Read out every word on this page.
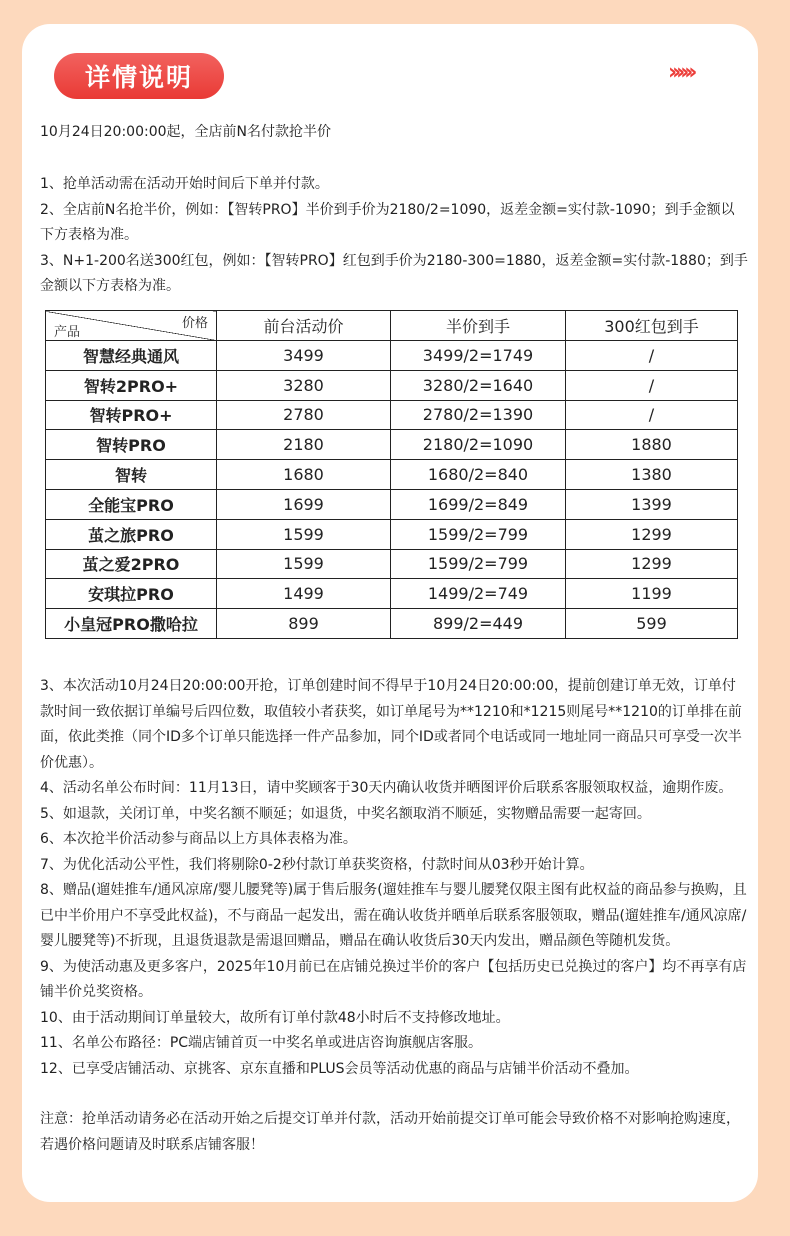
详情说明	››››››
10月24日20:00:00起，全店前N名付款抢半价

1、抢单活动需在活动开始时间后下单并付款。

2、全店前N名抢半价，例如：【智转PRO】半价到手价为2180/2=1090，返差金额=实付款-1090；到手金额以下方表格为准。

3、N+1-200名送300红包，例如：【智转PRO】红包到手价为2180-300=1880，返差金额=实付款-1880；到手金额以下方表格为准。

价格
产品	前台活动价	半价到手	300红包到手
智慧经典通风	3499	3499/2=1749	/
智转2PRO+	3280	3280/2=1640	/
智转PRO+	2780	2780/2=1390	/
智转PRO	2180	2180/2=1090	1880
智转	1680	1680/2=840	1380
全能宝PRO	1699	1699/2=849	1399
茧之旅PRO	1599	1599/2=799	1299
茧之爱2PRO	1599	1599/2=799	1299
安琪拉PRO	1499	1499/2=749	1199
小皇冠PRO撒哈拉	899	899/2=449	599

3、本次活动10月24日20:00:00开抢，订单创建时间不得早于10月24日20:00:00，提前创建订单无效，订单付款时间一致依据订单编号后四位数，取值较小者获奖，如订单尾号为**1210和*1215则尾号**1210的订单排在前面，依此类推（同个ID多个订单只能选择一件产品参加，同个ID或者同个电话或同一地址同一商品只可享受一次半价优惠）。

4、活动名单公布时间：11月13日，请中奖顾客于30天内确认收货并晒图评价后联系客服领取权益，逾期作废。

5、如退款，关闭订单，中奖名额不顺延；如退货，中奖名额取消不顺延，实物赠品需要一起寄回。

6、本次抢半价活动参与商品以上方具体表格为准。

7、为优化活动公平性，我们将剔除0-2秒付款订单获奖资格，付款时间从03秒开始计算。

8、赠品(遛娃推车/通风凉席/婴儿腰凳等)属于售后服务(遛娃推车与婴儿腰凳仅限主图有此权益的商品参与换购，且已中半价用户不享受此权益)，不与商品一起发出，需在确认收货并晒单后联系客服领取，赠品(遛娃推车/通风凉席/婴儿腰凳等)不折现，且退货退款是需退回赠品，赠品在确认收货后30天内发出，赠品颜色等随机发货。

9、为使活动惠及更多客户，2025年10月前已在店铺兑换过半价的客户【包括历史已兑换过的客户】均不再享有店铺半价兑奖资格。

10、由于活动期间订单量较大，故所有订单付款48小时后不支持修改地址。

11、名单公布路径：PC端店铺首页一中奖名单或进店咨询旗舰店客服。

12、已享受店铺活动、京挑客、京东直播和PLUS会员等活动优惠的商品与店铺半价活动不叠加。

注意：抢单活动请务必在活动开始之后提交订单并付款，活动开始前提交订单可能会导致价格不对影响抢购速度，若遇价格问题请及时联系店铺客服！
